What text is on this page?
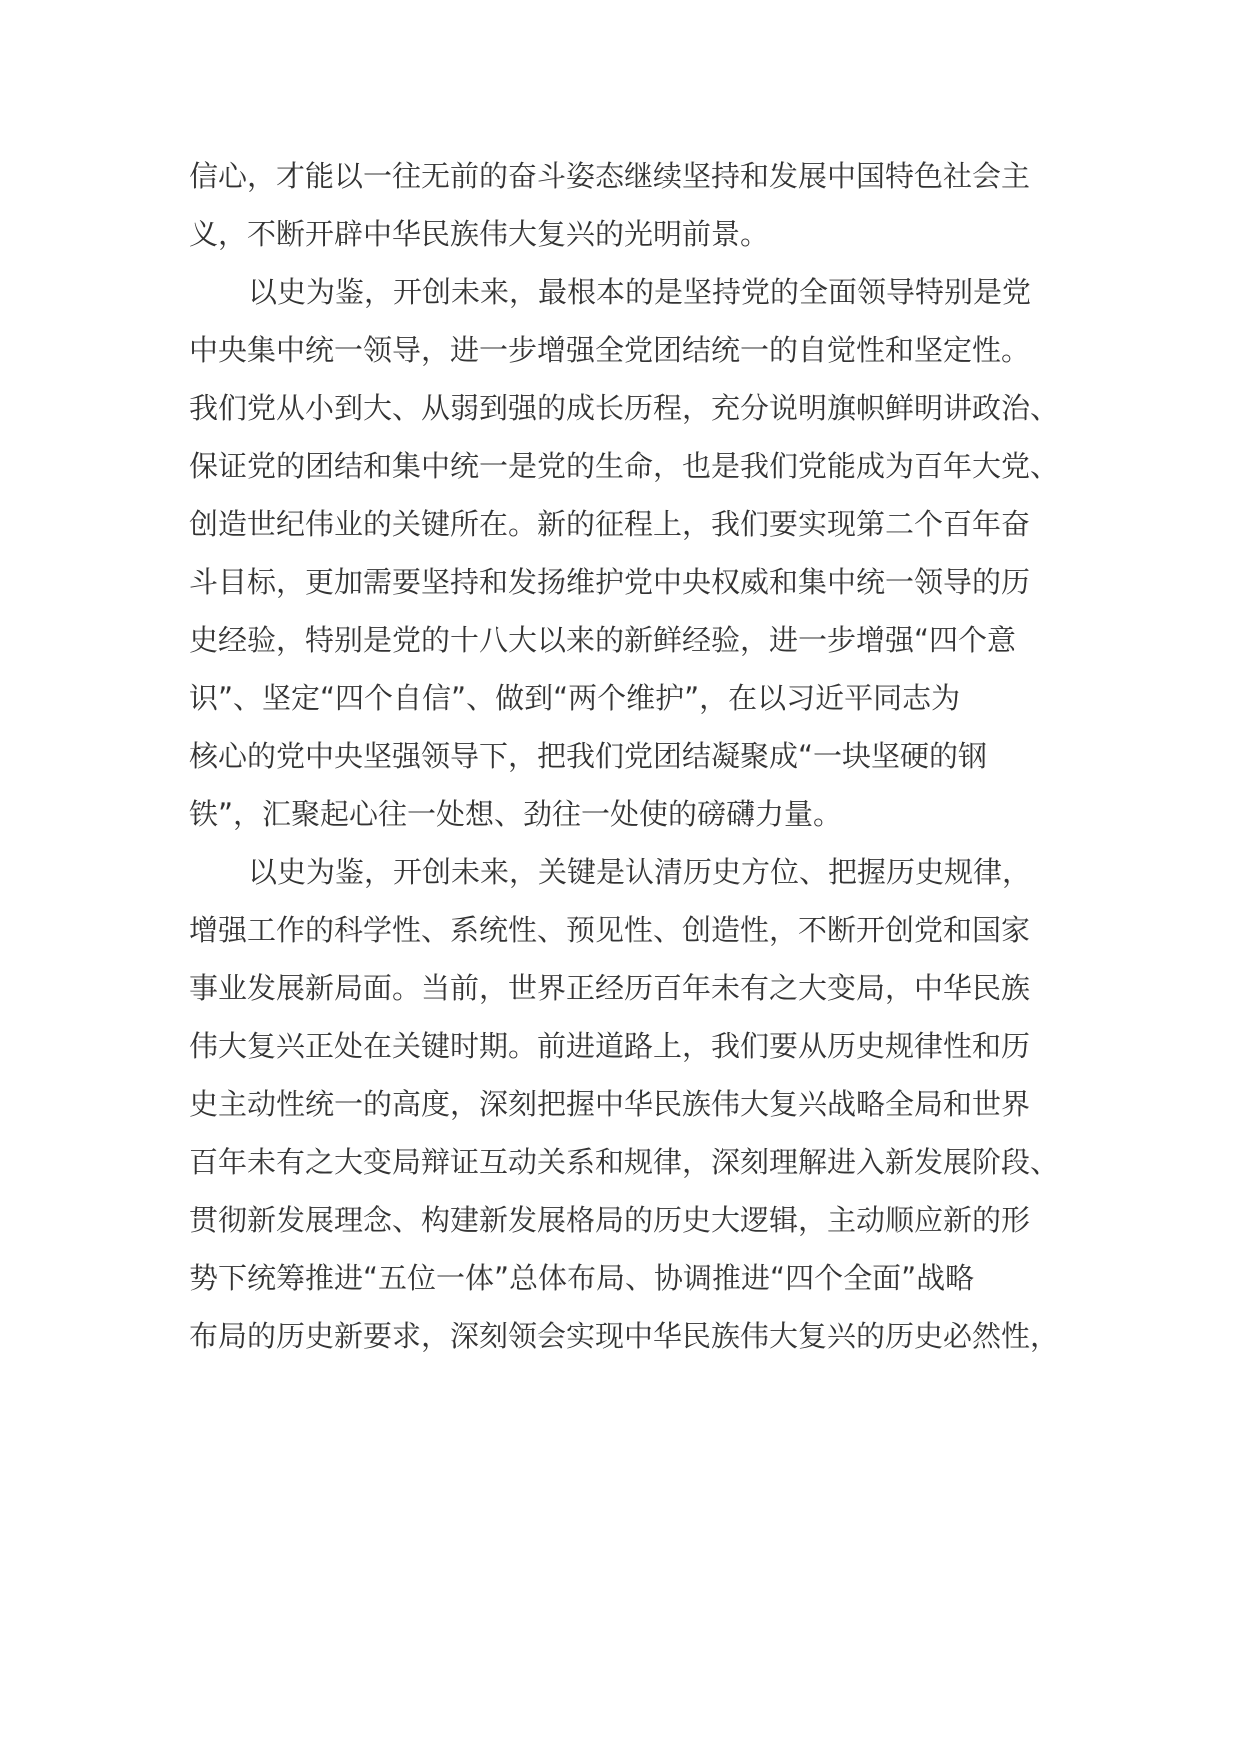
信心，才能以一往无前的奋斗姿态继续坚持和发展中国特色社会主
义，不断开辟中华民族伟大复兴的光明前景。
以史为鉴，开创未来，最根本的是坚持党的全面领导特别是党
中央集中统一领导，进一步增强全党团结统一的自觉性和坚定性。
我们党从小到大、从弱到强的成长历程，充分说明旗帜鲜明讲政治、
保证党的团结和集中统一是党的生命，也是我们党能成为百年大党、
创造世纪伟业的关键所在。新的征程上，我们要实现第二个百年奋
斗目标，更加需要坚持和发扬维护党中央权威和集中统一领导的历
史经验，特别是党的十八大以来的新鲜经验，进一步增强“四个意
识”、坚定“四个自信”、做到“两个维护”，在以习近平同志为
核心的党中央坚强领导下，把我们党团结凝聚成“一块坚硬的钢
铁”，汇聚起心往一处想、劲往一处使的磅礴力量。
以史为鉴，开创未来，关键是认清历史方位、把握历史规律，
增强工作的科学性、系统性、预见性、创造性，不断开创党和国家
事业发展新局面。当前，世界正经历百年未有之大变局，中华民族
伟大复兴正处在关键时期。前进道路上，我们要从历史规律性和历
史主动性统一的高度，深刻把握中华民族伟大复兴战略全局和世界
百年未有之大变局辩证互动关系和规律，深刻理解进入新发展阶段、
贯彻新发展理念、构建新发展格局的历史大逻辑，主动顺应新的形
势下统筹推进“五位一体”总体布局、协调推进“四个全面”战略
布局的历史新要求，深刻领会实现中华民族伟大复兴的历史必然性，
